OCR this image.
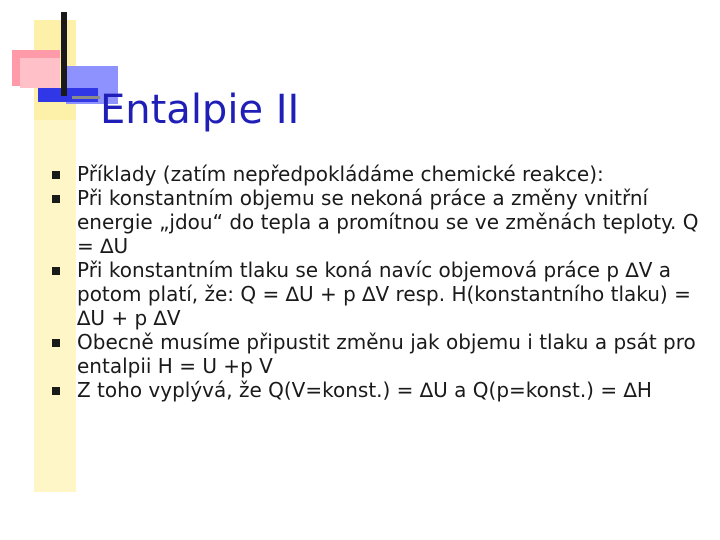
Entalpie II
Příklady (zatím nepředpokládáme chemické reakce):
Při konstantním objemu se nekoná práce a změny vnitřní energie „jdou“ do tepla a promítnou se ve změnách teploty. Q = ∆U
Při konstantním tlaku se koná navíc objemová práce p ∆V a potom platí, že: Q = ∆U + p ∆V resp. H(konstantního tlaku) = ∆U + p ∆V
Obecně musíme připustit změnu jak objemu i tlaku a psát pro entalpii H = U +p V
Z toho vyplývá, že Q(V=konst.) = ∆U a Q(p=konst.) = ∆H
